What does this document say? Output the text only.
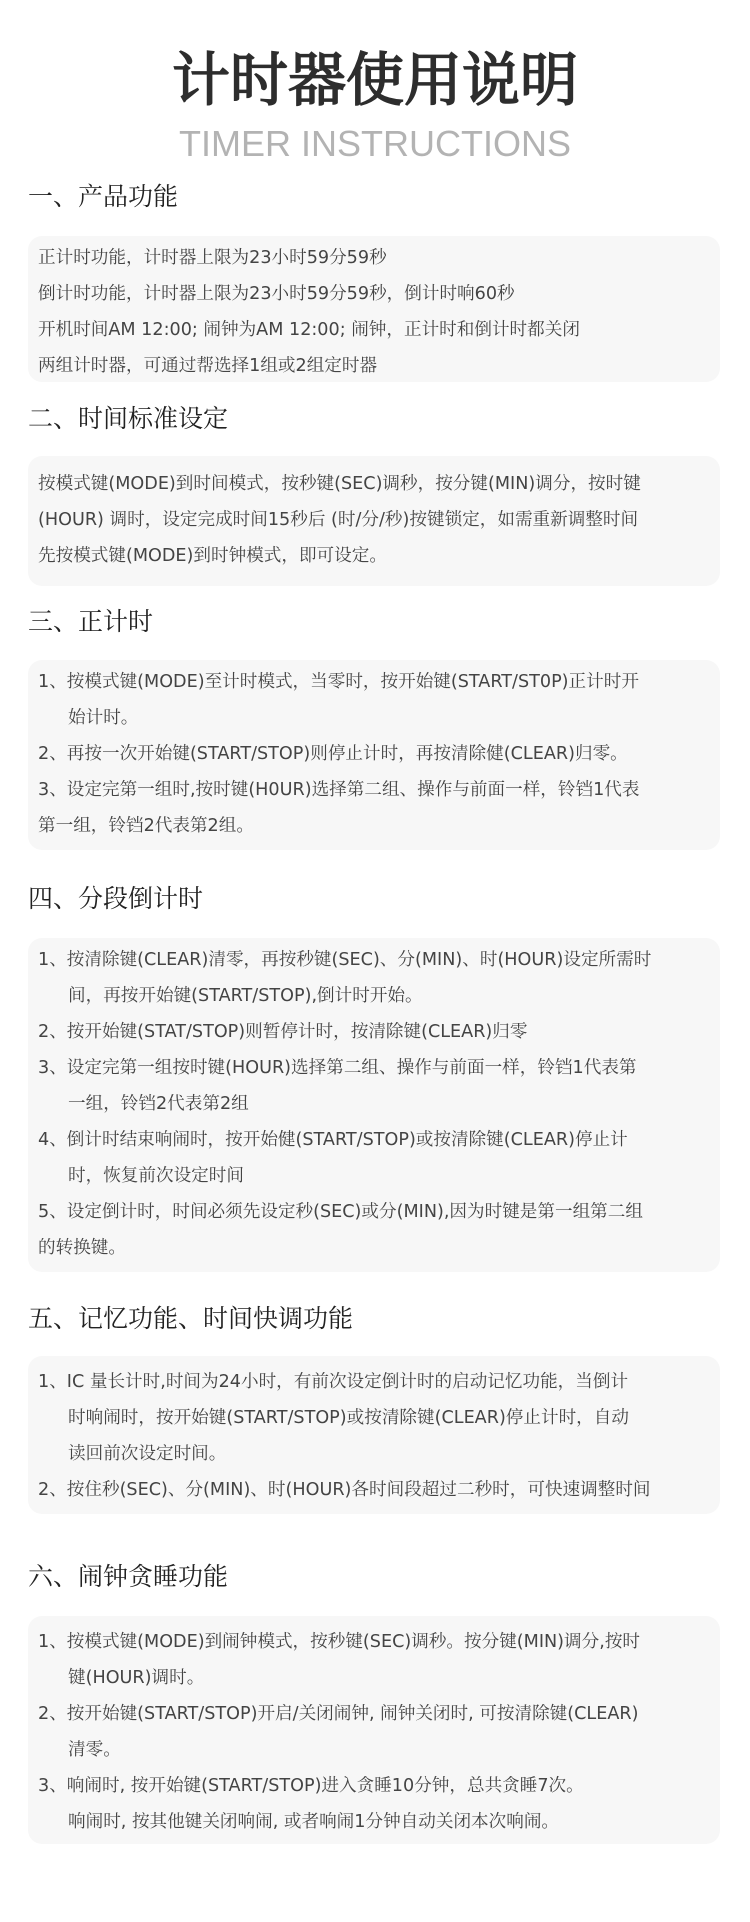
计时器使用说明
TIMER INSTRUCTIONS
一、产品功能
正计时功能，计时器上限为23小时59分59秒
倒计时功能，计时器上限为23小时59分59秒，倒计时响60秒
开机时间AM 12:00; 闹钟为AM 12:00; 闹钟，正计时和倒计时都关闭
两组计时器，可通过帮选择1组或2组定时器
二、时间标准设定
按模式键(MODE)到时间模式，按秒键(SEC)调秒，按分键(MIN)调分，按时键
(HOUR) 调时，设定完成时间15秒后 (时/分/秒)按键锁定，如需重新调整时间
先按模式键(MODE)到时钟模式，即可设定。
三、正计时
1、按模式键(MODE)至计时模式，当零时，按开始键(START/ST0P)正计时开
始计时。
2、再按一次开始键(START/STOP)则停止计时，再按清除健(CLEAR)归零。
3、设定完第一组时,按时键(H0UR)选择第二组、操作与前面一样，铃铛1代表
第一组，铃铛2代表第2组。
四、分段倒计时
1、按清除键(CLEAR)清零，再按秒键(SEC)、分(MIN)、时(HOUR)设定所需时
间，再按开始键(START/STOP),倒计时开始。
2、按开始键(STAT/STOP)则暂停计时，按清除键(CLEAR)归零
3、设定完第一组按时键(HOUR)选择第二组、操作与前面一样，铃铛1代表第
一组，铃铛2代表第2组
4、倒计时结束响闹时，按开始健(START/STOP)或按清除键(CLEAR)停止计
时，恢复前次设定时间
5、设定倒计时，时间必须先设定秒(SEC)或分(MIN),因为时键是第一组第二组
的转换键。
五、记忆功能、时间快调功能
1、IC 量长计时,时间为24小时，有前次设定倒计时的启动记忆功能，当倒计
时响闹时，按开始键(START/STOP)或按清除键(CLEAR)停止计时，自动
读回前次设定时间。
2、按住秒(SEC)、分(MIN)、时(HOUR)各时间段超过二秒时，可快速调整时间
六、闹钟贪睡功能
1、按模式键(MODE)到闹钟模式，按秒键(SEC)调秒。按分键(MIN)调分,按时
键(HOUR)调时。
2、按开始键(START/STOP)开启/关闭闹钟, 闹钟关闭时, 可按清除键(CLEAR)
清零。
3、响闹时, 按开始键(START/STOP)进入贪睡10分钟，总共贪睡7次。
响闹时, 按其他键关闭响闹, 或者响闹1分钟自动关闭本次响闹。
